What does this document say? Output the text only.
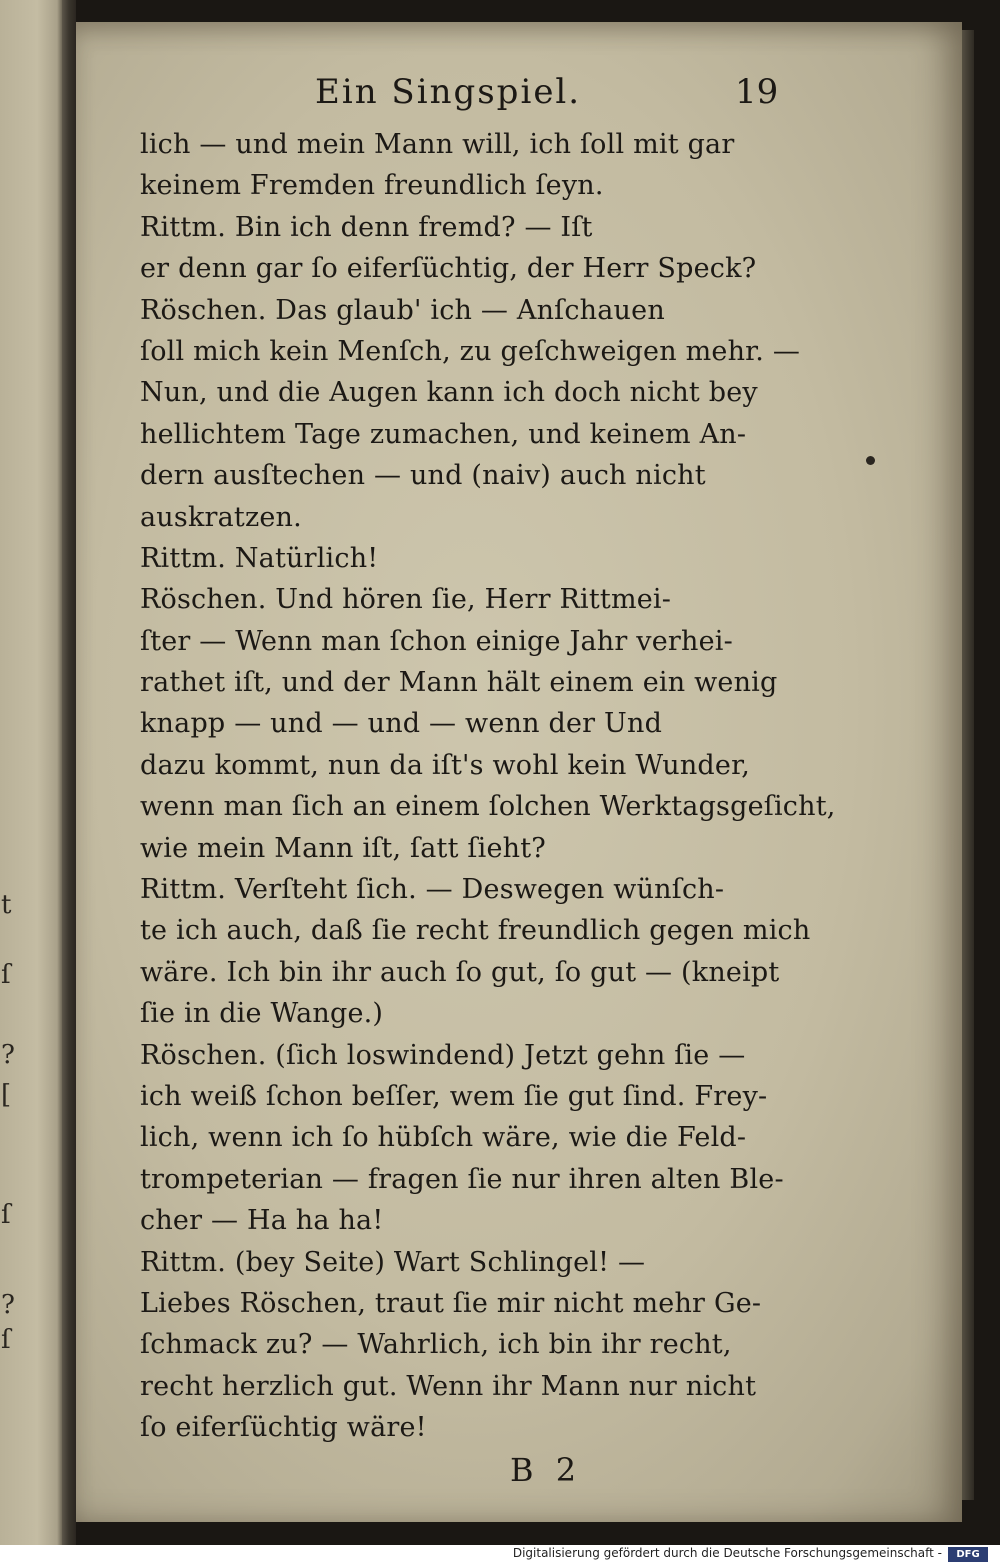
t
ſ
?
[
ſ
?
ſ
Ein Singspiel.	19
lich — und mein Mann will, ich ſoll mit gar
keinem Fremden freundlich ſeyn.
Rittm. Bin ich denn fremd? — Iſt
er denn gar ſo eiferſüchtig, der Herr Speck?
Röschen. Das glaub' ich — Anſchauen
ſoll mich kein Menſch, zu geſchweigen mehr. —
Nun, und die Augen kann ich doch nicht bey
hellichtem Tage zumachen, und keinem An-
dern ausſtechen — und (naiv) auch nicht
auskratzen.
Rittm. Natürlich!
Röschen. Und hören ſie, Herr Rittmei-
ſter — Wenn man ſchon einige Jahr verhei-
rathet iſt, und der Mann hält einem ein wenig
knapp — und — und — wenn der Und
dazu kommt, nun da iſt's wohl kein Wunder,
wenn man ſich an einem ſolchen Werktagsgeſicht,
wie mein Mann iſt, ſatt ſieht?
Rittm. Verſteht ſich. — Deswegen wünſch-
te ich auch, daß ſie recht freundlich gegen mich
wäre. Ich bin ihr auch ſo gut, ſo gut — (kneipt
ſie in die Wange.)
Röschen. (ſich loswindend) Jetzt gehn ſie —
ich weiß ſchon beſſer, wem ſie gut ſind. Frey-
lich, wenn ich ſo hübſch wäre, wie die Feld-
trompeterian — fragen ſie nur ihren alten Ble-
cher — Ha ha ha!
Rittm. (bey Seite) Wart Schlingel! —
Liebes Röschen, traut ſie mir nicht mehr Ge-
ſchmack zu? — Wahrlich, ich bin ihr recht,
recht herzlich gut. Wenn ihr Mann nur nicht
ſo eiferſüchtig wäre!
B 2
Digitalisierung gefördert durch die Deutsche Forschungsgemeinschaft -	DFG
